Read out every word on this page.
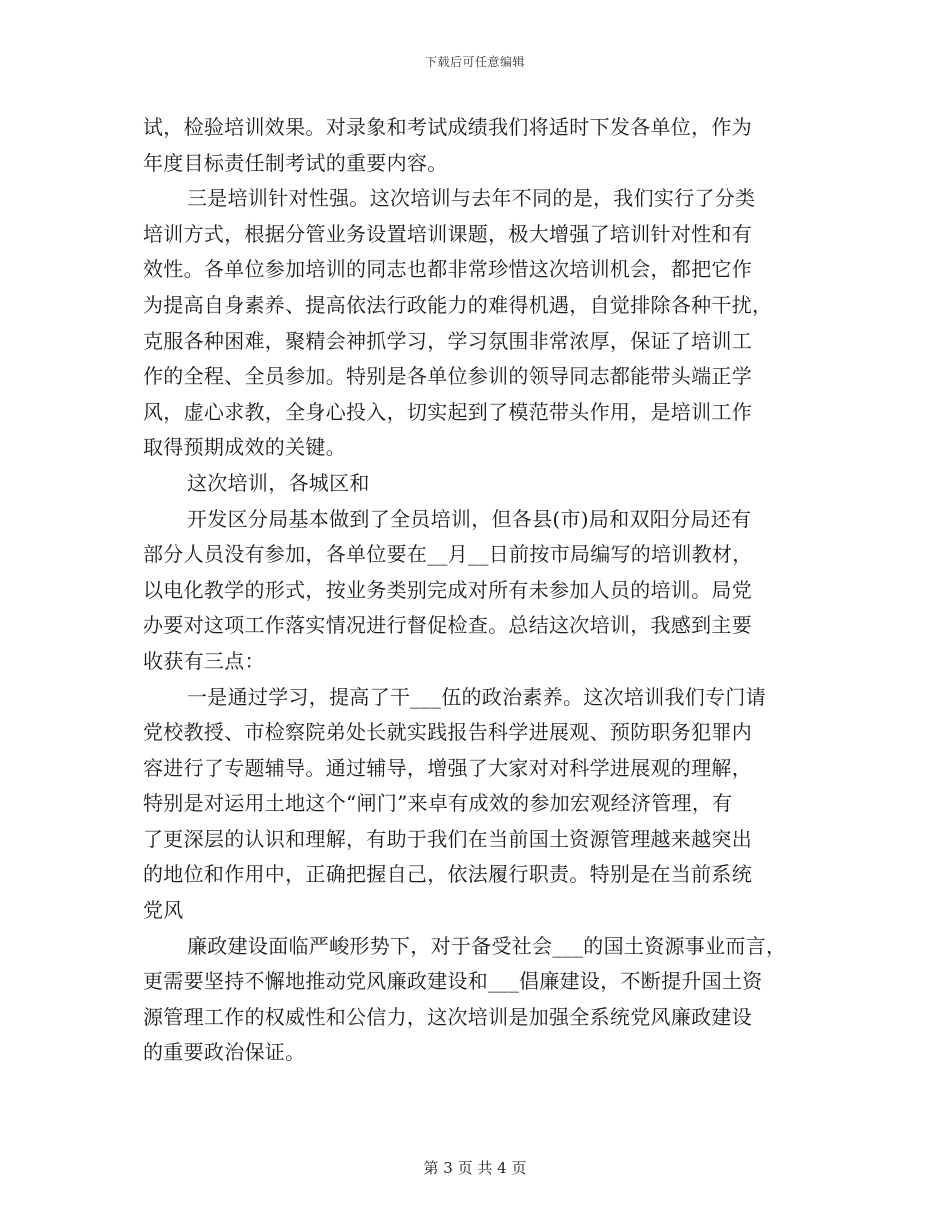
下载后可任意编辑
试，检验培训效果。对录象和考试成绩我们将适时下发各单位，作为
年度目标责任制考试的重要内容。
三是培训针对性强。这次培训与去年不同的是，我们实行了分类
培训方式，根据分管业务设置培训课题，极大增强了培训针对性和有
效性。各单位参加培训的同志也都非常珍惜这次培训机会，都把它作
为提高自身素养、提高依法行政能力的难得机遇，自觉排除各种干扰，
克服各种困难，聚精会神抓学习，学习氛围非常浓厚，保证了培训工
作的全程、全员参加。特别是各单位参训的领导同志都能带头端正学
风，虚心求教，全身心投入，切实起到了模范带头作用，是培训工作
取得预期成效的关键。
这次培训，各城区和
开发区分局基本做到了全员培训，但各县(市)局和双阳分局还有
部分人员没有参加，各单位要在__月__日前按市局编写的培训教材，
以电化教学的形式，按业务类别完成对所有未参加人员的培训。局党
办要对这项工作落实情况进行督促检查。总结这次培训，我感到主要
收获有三点：
一是通过学习，提高了干___伍的政治素养。这次培训我们专门请
党校教授、市检察院弟处长就实践报告科学进展观、预防职务犯罪内
容进行了专题辅导。通过辅导，增强了大家对对科学进展观的理解，
特别是对运用土地这个“闸门”来卓有成效的参加宏观经济管理，有
了更深层的认识和理解，有助于我们在当前国土资源管理越来越突出
的地位和作用中，正确把握自己，依法履行职责。特别是在当前系统
党风
廉政建设面临严峻形势下，对于备受社会___的国土资源事业而言，
更需要坚持不懈地推动党风廉政建设和___倡廉建设，不断提升国土资
源管理工作的权威性和公信力，这次培训是加强全系统党风廉政建设
的重要政治保证。
第 3 页 共 4 页
